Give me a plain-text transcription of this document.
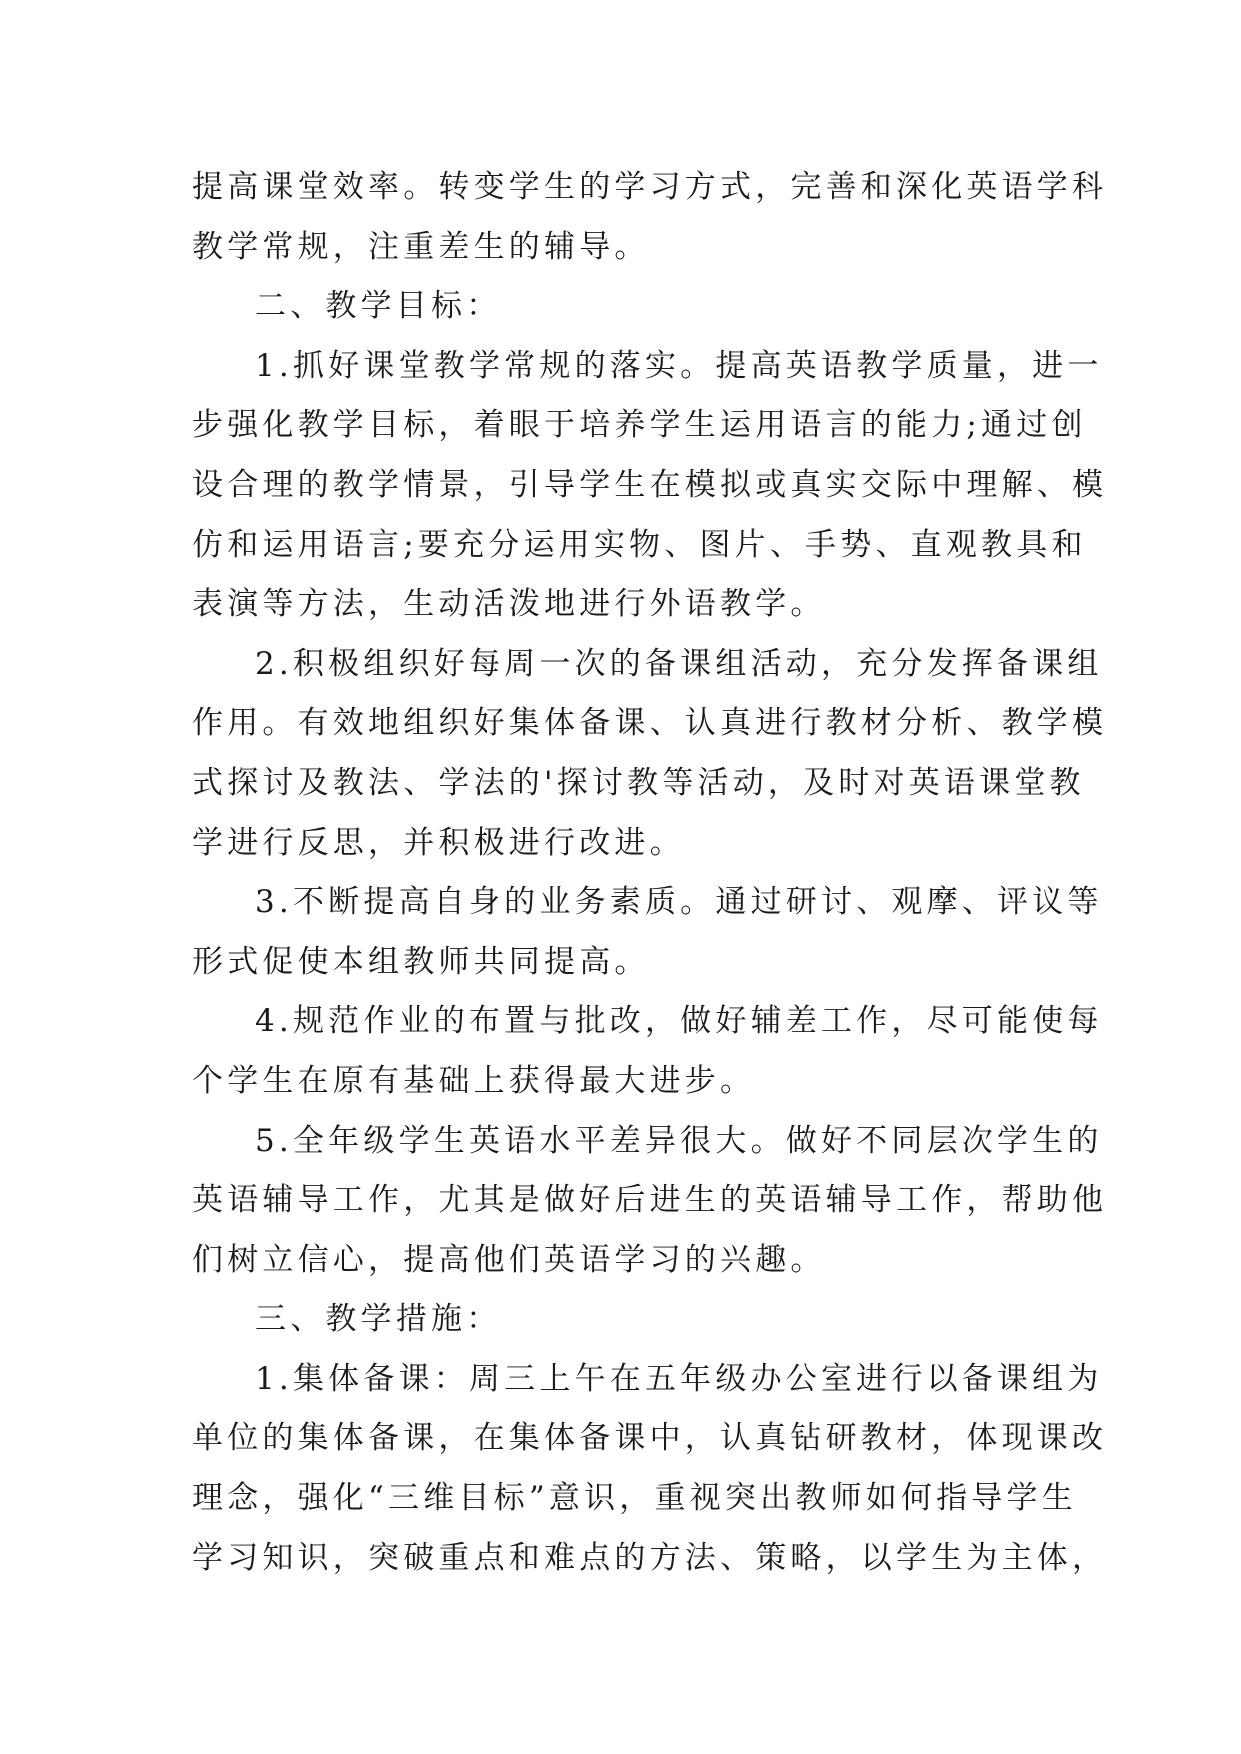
提高课堂效率。转变学生的学习方式，完善和深化英语学科
教学常规，注重差生的辅导。
二、教学目标：
1.抓好课堂教学常规的落实。提高英语教学质量，进一
步强化教学目标，着眼于培养学生运用语言的能力;通过创
设合理的教学情景，引导学生在模拟或真实交际中理解、模
仿和运用语言;要充分运用实物、图片、手势、直观教具和
表演等方法，生动活泼地进行外语教学。
2.积极组织好每周一次的备课组活动，充分发挥备课组
作用。有效地组织好集体备课、认真进行教材分析、教学模
式探讨及教法、学法的'探讨教等活动，及时对英语课堂教
学进行反思，并积极进行改进。
3.不断提高自身的业务素质。通过研讨、观摩、评议等
形式促使本组教师共同提高。
4.规范作业的布置与批改，做好辅差工作，尽可能使每
个学生在原有基础上获得最大进步。
5.全年级学生英语水平差异很大。做好不同层次学生的
英语辅导工作，尤其是做好后进生的英语辅导工作，帮助他
们树立信心，提高他们英语学习的兴趣。
三、教学措施：
1.集体备课：周三上午在五年级办公室进行以备课组为
单位的集体备课，在集体备课中，认真钻研教材，体现课改
理念，强化“三维目标”意识，重视突出教师如何指导学生
学习知识，突破重点和难点的方法、策略，以学生为主体，
